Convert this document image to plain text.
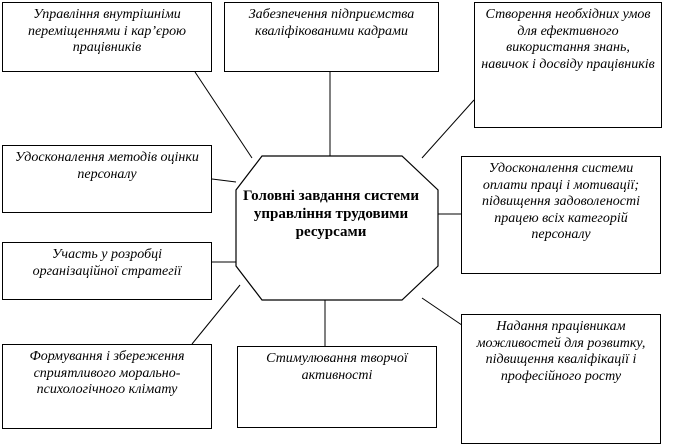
Головні завдання системи управління трудовими ресурсами
Управління внутрішніми переміщеннями і кар’єрою працівників
Забезпечення підприємства кваліфікованими кадрами
Створення необхідних умов для ефективного використання знань, навичок і досвіду працівників
Удосконалення методів оцінки персоналу	Удосконалення системи оплати праці і мотивації; підвищення задоволеності працею всіх категорій персоналу
Участь у розробці організаційної стратегії
Формування і збереження сприятливого морально-психологічного клімату
Стимулювання творчої активності
Надання працівникам можливостей для розвитку, підвищення кваліфікації і професійного росту
